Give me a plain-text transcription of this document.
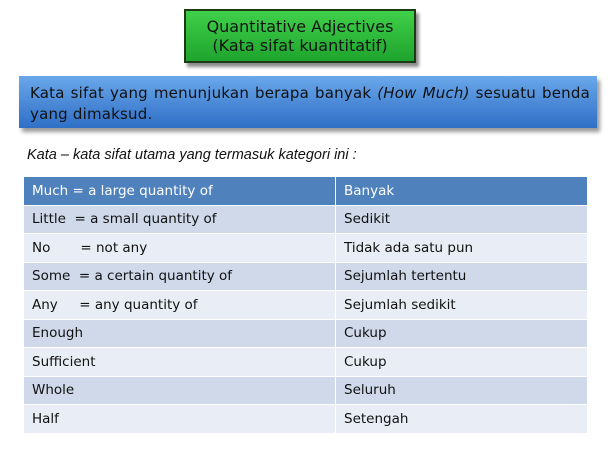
Quantitative Adjectives
(Kata sifat kuantitatif)
Kata sifat yang menunjukan berapa banyak (How Much) sesuatu benda yang dimaksud.
Kata – kata sifat utama yang termasuk kategori ini :
Much = a large quantity of	Banyak
Little  = a small quantity of	Sedikit
No       = not any	Tidak ada satu pun
Some  = a certain quantity of	Sejumlah tertentu
Any     = any quantity of	Sejumlah sedikit
Enough	Cukup
Sufficient	Cukup
Whole	Seluruh
Half	Setengah
